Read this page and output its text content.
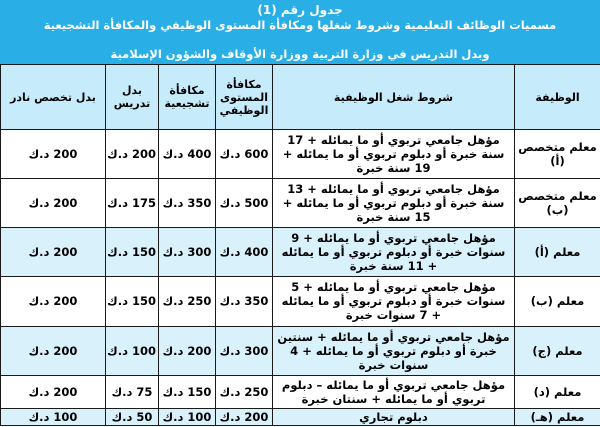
جدول رقم (1)
مسميات الوظائف التعليمية وشروط شغلها ومكافأة المستوى الوظيفي والمكافأة التشجيعية
وبدل التدريس في وزارة التربية ووزارة الأوقاف والشؤون الإسلامية
الوظيفة	شروط شغل الوظيفية	مكافأة المستوى الوظيفي	مكافأة تشجيعية	بدل تدريس	بدل تخصص نادر
معلم متخصص (أ)	مؤهل جامعي تربوي أو ما يمائله + 17 سنة خبرة أو دبلوم تربوي أو ما يمائله + 19 سنة خبرة	600 د.ك	400 د.ك	200 د.ك	200 د.ك
معلم متخصص (ب)	مؤهل جامعي تربوي أو ما يمائله + 13 سنة خبرة أو دبلوم تربوي أو ما يمائله + 15 سنة خبرة	500 د.ك	350 د.ك	175 د.ك	200 د.ك
معلم (أ)	مؤهل جامعي تربوي أو ما يمائله + 9 سنوات خبرة أو دبلوم تربوي أو ما يمائله + 11 سنة خبرة	400 د.ك	300 د.ك	150 د.ك	200 د.ك
معلم (ب)	مؤهل جامعي تربوي أو ما يمائله + 5 سنوات خبرة أو دبلوم تربوي أو ما يمائله + 7 سنوات خبرة	350 د.ك	250 د.ك	150 د.ك	200 د.ك
معلم (ج)	مؤهل جامعي تربوي أو ما يمائله + سنتين خبرة أو دبلوم تربوي أو ما يمائله + 4 سنوات خبرة	300 د.ك	200 د.ك	100 د.ك	200 د.ك
معلم (د)	مؤهل جامعي تربوي أو ما يمائله – دبلوم تربوي أو ما يمائله + سنتان خبرة	250 د.ك	150 د.ك	75 د.ك	200 د.ك
معلم (هـ)	دبلوم تجاري	200 د.ك	100 د.ك	50 د.ك	100 د.ك
